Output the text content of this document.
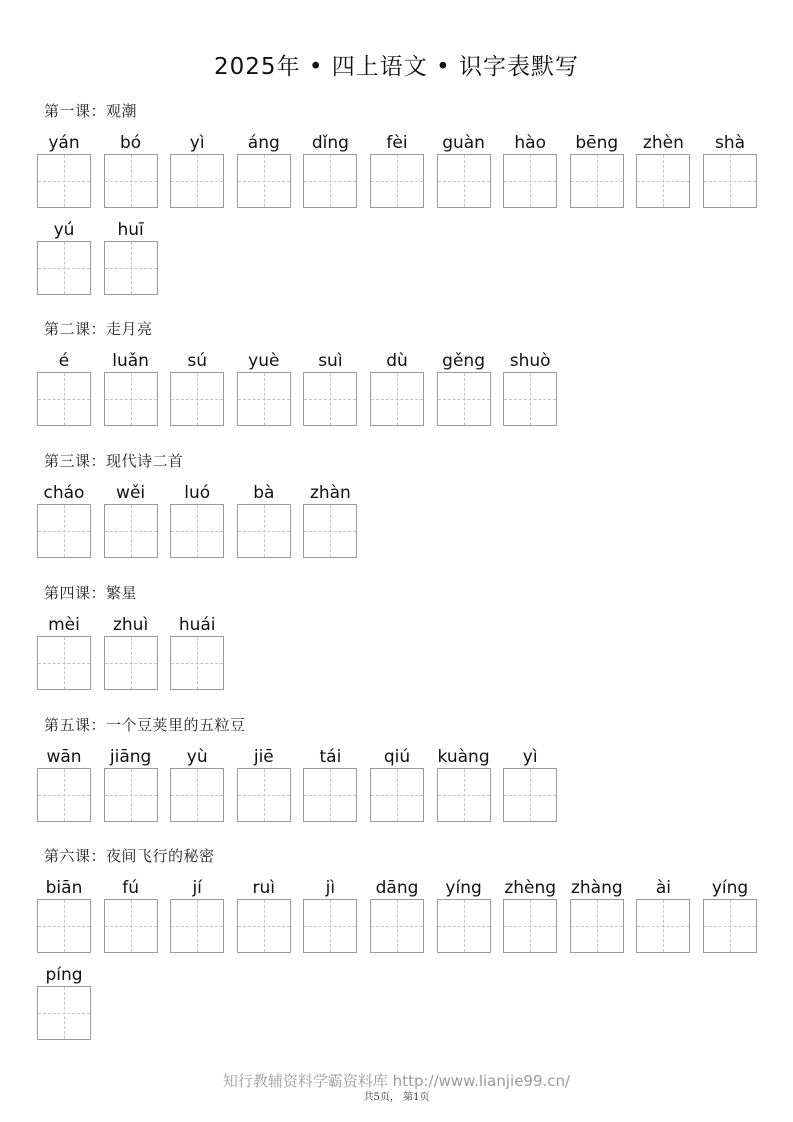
2025年 • 四上语文 • 识字表默写
第一课：观潮
yán	bó	yì	áng	dǐng	fèi	guàn	hào	bēng	zhèn	shà
yú	huī
第二课：走月亮
é	luǎn	sú	yuè	suì	dù	gěng	shuò
第三课：现代诗二首
cháo	wěi	luó	bà	zhàn
第四课：繁星
mèi	zhuì	huái
第五课：一个豆荚里的五粒豆
wān	jiāng	yù	jiē	tái	qiú	kuàng	yì
第六课：夜间飞行的秘密
biān	fú	jí	ruì	jì	dāng	yíng	zhèng zhàng	ài	yíng
píng
知行教辅资料学霸资料库 http://www.lianjie99.cn/
共5页， 第1页
